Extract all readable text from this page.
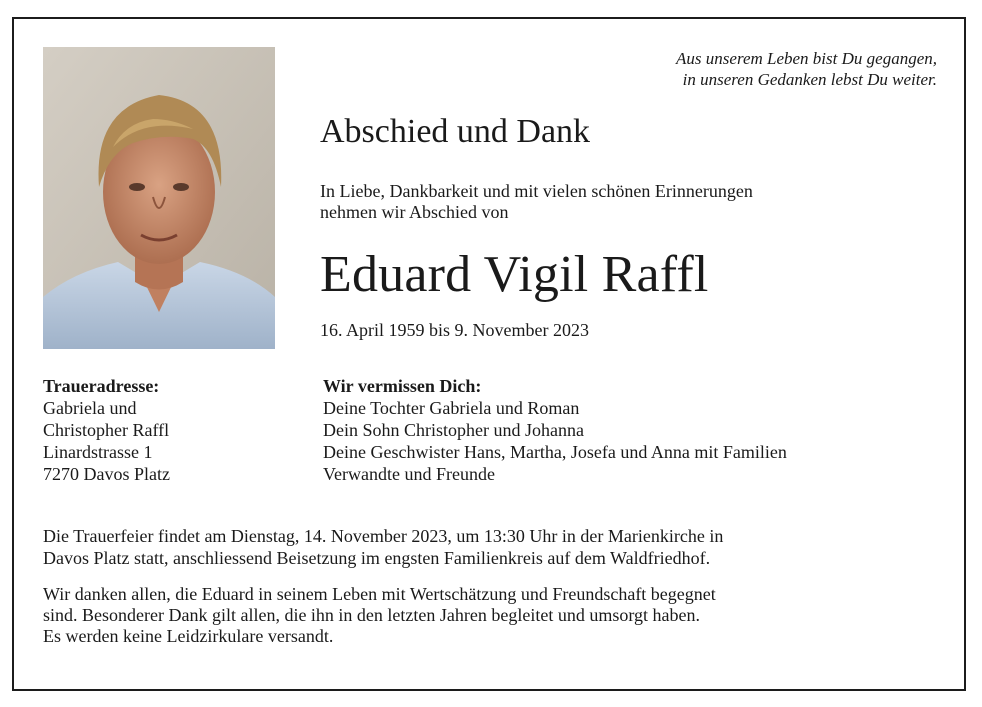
Aus unserem Leben bist Du gegangen,
in unseren Gedanken lebst Du weiter.
Abschied und Dank
In Liebe, Dankbarkeit und mit vielen schönen Erinnerungen
nehmen wir Abschied von
Eduard Vigil Raffl
16. April 1959 bis 9. November 2023
Traueradresse:
Gabriela und
Christopher Raffl
Linardstrasse 1
7270 Davos Platz
Wir vermissen Dich:
Deine Tochter Gabriela und Roman
Dein Sohn Christopher und Johanna
Deine Geschwister Hans, Martha, Josefa und Anna mit Familien
Verwandte und Freunde
Die Trauerfeier findet am Dienstag, 14. November 2023, um 13:30 Uhr in der Marienkirche in
Davos Platz statt, anschliessend Beisetzung im engsten Familienkreis auf dem Waldfriedhof.
Wir danken allen, die Eduard in seinem Leben mit Wertschätzung und Freundschaft begegnet
sind. Besonderer Dank gilt allen, die ihn in den letzten Jahren begleitet und umsorgt haben.
Es werden keine Leidzirkulare versandt.
